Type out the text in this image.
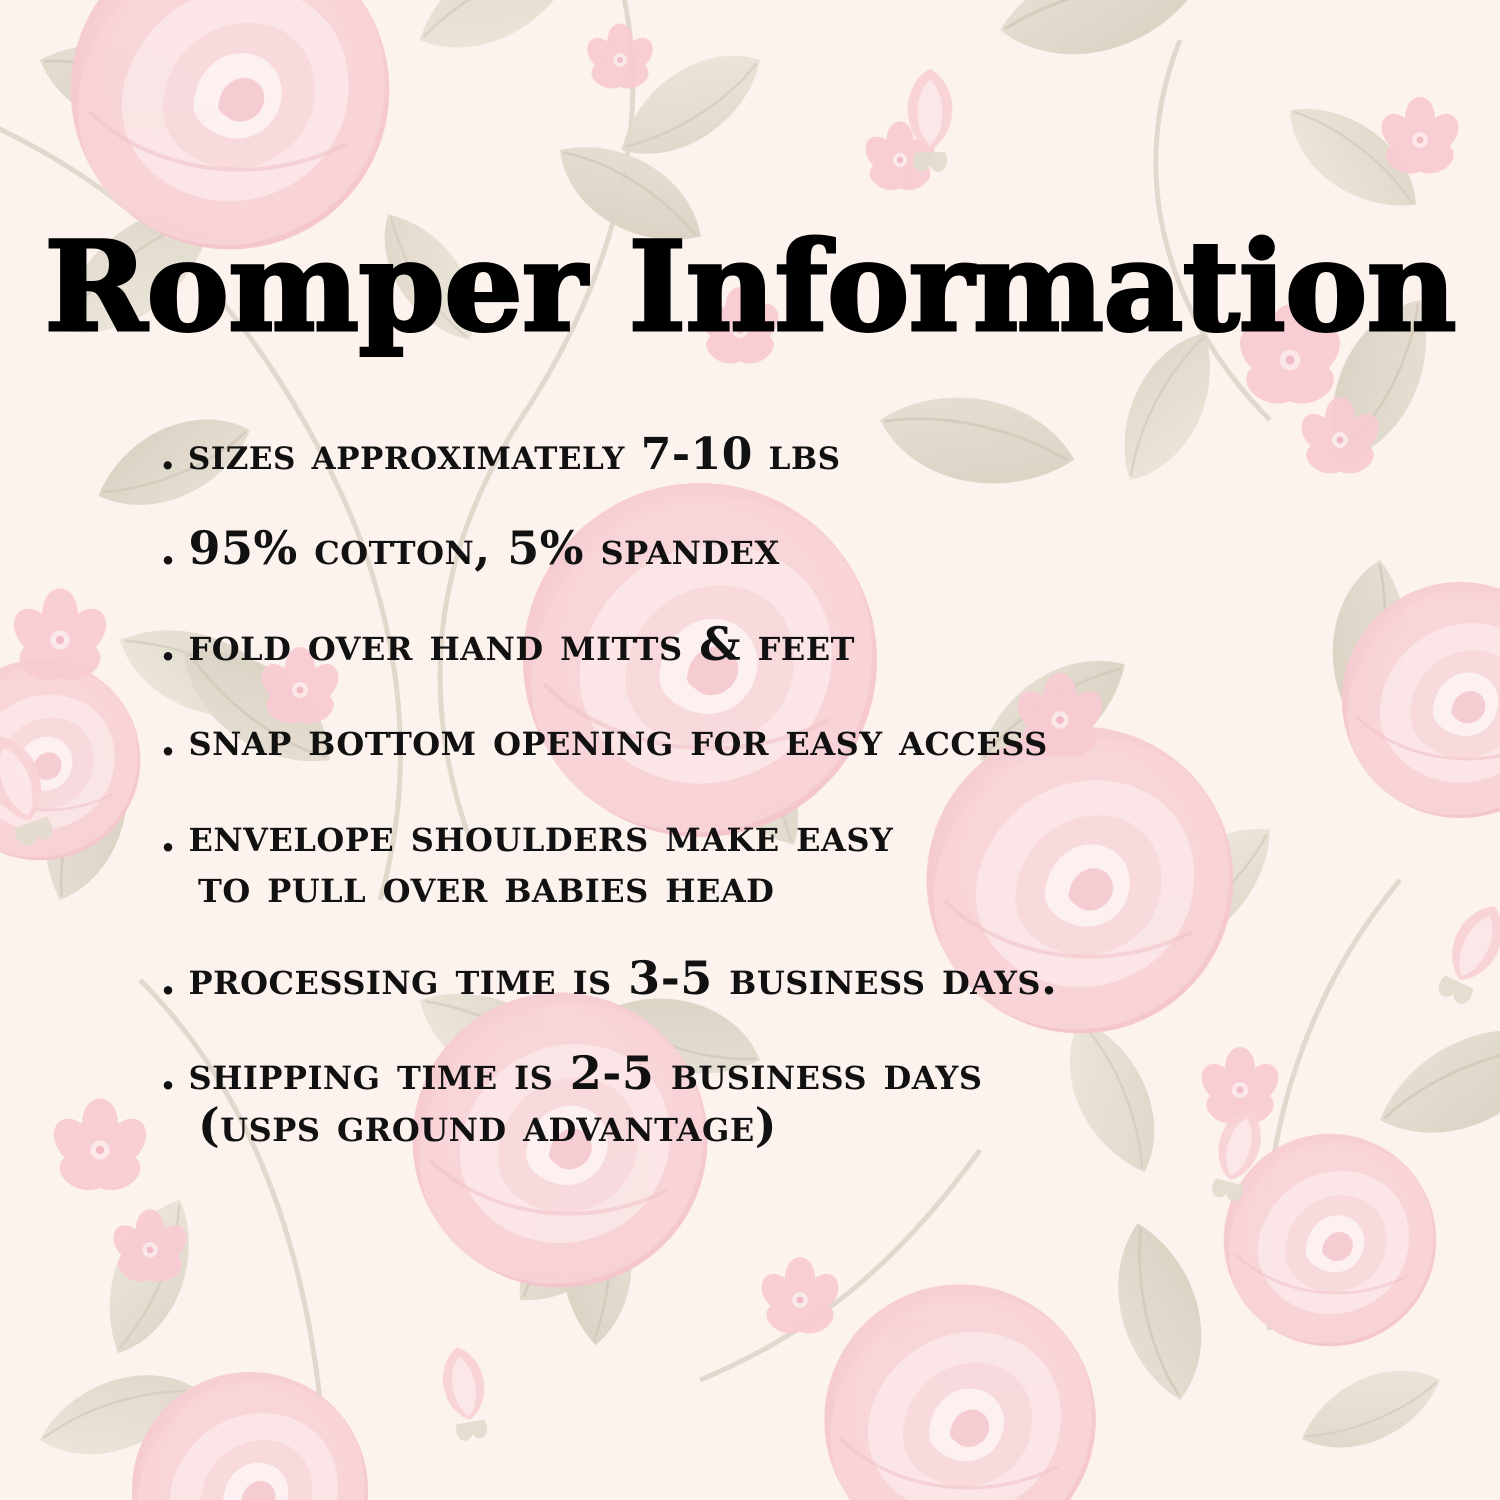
Romper Information
. sizes approximately 7-10 lbs
. 95% cotton, 5% spandex
. fold over hand mitts & feet
. snap bottom opening for easy access
. envelope shoulders make easy
to pull over babies head
. processing time is 3-5 business days.
. shipping time is 2-5 business days
(usps ground advantage)
